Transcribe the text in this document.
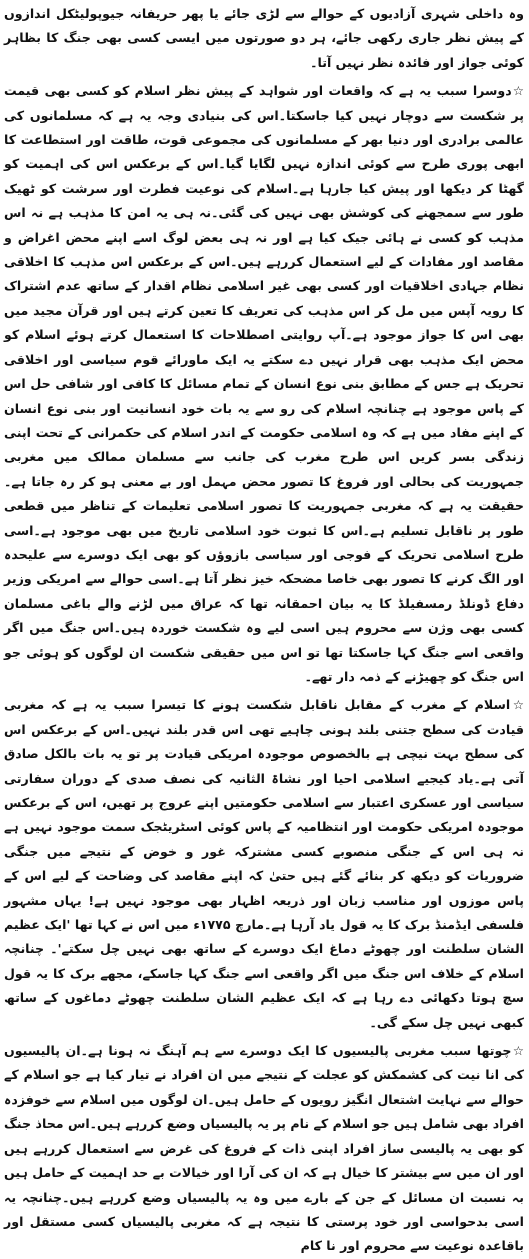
وہ داخلی شہری آزادیوں کے حوالے سے لڑی جائے یا پھر حریفانہ جیوپولیٹکل اندازوں کے پیش نظر جاری رکھی جائے، ہر دو صورتوں میں ایسی کسی بھی جنگ کا بظاہر کوئی جواز اور فائدہ نظر نہیں آتا۔

☆دوسرا سبب یہ ہے کہ واقعات اور شواہد کے پیش نظر اسلام کو کسی بھی قیمت پر شکست سے دوچار نہیں کیا جاسکتا۔اس کی بنیادی وجہ یہ ہے کہ مسلمانوں کی عالمی برادری اور دنیا بھر کے مسلمانوں کی مجموعی قوت، طاقت اور استطاعت کا ابھی پوری طرح سے کوئی اندازہ نہیں لگایا گیا۔اس کے برعکس اس کی اہمیت کو گھٹا کر دیکھا اور پیش کیا جارہا ہے۔اسلام کی نوعیت فطرت اور سرشت کو ٹھیک طور سے سمجھنے کی کوشش بھی نہیں کی گئی۔نہ ہی یہ امن کا مذہب ہے نہ اس مذہب کو کسی نے ہائی جیک کیا ہے اور نہ ہی بعض لوگ اسے اپنے محض اغراض و مقاصد اور مفادات کے لیے استعمال کررہے ہیں۔اس کے برعکس اس مذہب کا اخلاقی نظام جہادی اخلاقیات اور کسی بھی غیر اسلامی نظام اقدار کے ساتھ عدم اشتراک کا رویہ آپس میں مل کر اس مذہب کی تعریف کا تعین کرتے ہیں اور قرآن مجید میں بھی اس کا جواز موجود ہے۔آپ روایتی اصطلاحات کا استعمال کرتے ہوئے اسلام کو محض ایک مذہب بھی قرار نہیں دے سکتے یہ ایک ماورائے قوم سیاسی اور اخلاقی تحریک ہے جس کے مطابق بنی نوع انسان کے تمام مسائل کا کافی اور شافی حل اس کے پاس موجود ہے چنانچہ اسلام کی رو سے یہ بات خود انسانیت اور بنی نوع انسان کے اپنے مفاد میں ہے کہ وہ اسلامی حکومت کے اندر اسلام کی حکمرانی کے تحت اپنی زندگی بسر کریں اس طرح مغرب کی جانب سے مسلمان ممالک میں مغربی جمہوریت کی بحالی اور فروغ کا تصور محض مہمل اور بے معنی ہو کر رہ جاتا ہے۔حقیقت یہ ہے کہ مغربی جمہوریت کا تصور اسلامی تعلیمات کے تناظر میں قطعی طور پر ناقابل تسلیم ہے۔اس کا ثبوت خود اسلامی تاریخ میں بھی موجود ہے۔اسی طرح اسلامی تحریک کے فوجی اور سیاسی بازوؤں کو بھی ایک دوسرے سے علیحدہ اور الگ کرنے کا تصور بھی خاصا مضحکہ خیز نظر آتا ہے۔اسی حوالے سے امریکی وزیر دفاع ڈونلڈ رمسفیلڈ کا یہ بیان احمقانہ تھا کہ عراق میں لڑنے والے باغی مسلمان کسی بھی وژن سے محروم ہیں اسی لیے وہ شکست خوردہ ہیں۔اس جنگ میں اگر واقعی اسے جنگ کہا جاسکتا تھا تو اس میں حقیقی شکست ان لوگوں کو ہوئی جو اس جنگ کو چھیڑنے کے ذمہ دار تھے۔

☆اسلام کے مغرب کے مقابل ناقابل شکست ہونے کا تیسرا سبب یہ ہے کہ مغربی قیادت کی سطح جتنی بلند ہونی چاہیے تھی اس قدر بلند نہیں۔اس کے برعکس اس کی سطح بہت نیچی ہے بالخصوص موجودہ امریکی قیادت پر تو یہ بات بالکل صادق آتی ہے۔یاد کیجیے اسلامی احیا اور نشاۃ الثانیہ کی نصف صدی کے دوران سفارتی سیاسی اور عسکری اعتبار سے اسلامی حکومتیں اپنے عروج پر تھیں، اس کے برعکس موجودہ امریکی حکومت اور انتظامیہ کے پاس کوئی اسٹریٹجک سمت موجود نہیں ہے نہ ہی اس کے جنگی منصوبے کسی مشترکہ غور و خوض کے نتیجے میں جنگی ضروریات کو دیکھ کر بنائے گئے ہیں حتیٰ کہ اپنے مقاصد کی وضاحت کے لیے اس کے پاس موزوں اور مناسب زبان اور ذریعہ اظہار بھی موجود نہیں ہے! یہاں مشہور فلسفی ایڈمنڈ برک کا یہ قول یاد آرہا ہے۔مارچ ۱۷۷۵ء میں اس نے کہا تھا 'ایک عظیم الشان سلطنت اور چھوٹے دماغ ایک دوسرے کے ساتھ بھی نہیں چل سکتے'۔ چنانچہ اسلام کے خلاف اس جنگ میں اگر واقعی اسے جنگ کہا جاسکے، مجھے برک کا یہ قول سچ ہوتا دکھائی دے رہا ہے کہ ایک عظیم الشان سلطنت چھوٹے دماغوں کے ساتھ کبھی نہیں چل سکے گی۔

☆چوتھا سبب مغربی پالیسیوں کا ایک دوسرے سے ہم آہنگ نہ ہونا ہے۔ان پالیسیوں کی انا نیت کی کشمکش کو عجلت کے نتیجے میں ان افراد نے تیار کیا ہے جو اسلام کے حوالے سے نہایت اشتعال انگیز رویوں کے حامل ہیں۔ان لوگوں میں اسلام سے خوفزدہ افراد بھی شامل ہیں جو اسلام کے نام پر یہ پالیسیاں وضع کررہے ہیں۔اس محاذ جنگ کو بھی یہ پالیسی ساز افراد اپنی ذات کے فروغ کی غرض سے استعمال کررہے ہیں اور ان میں سے بیشتر کا خیال ہے کہ ان کی آرا اور خیالات بے حد اہمیت کے حامل ہیں بہ نسبت ان مسائل کے جن کے بارے میں وہ یہ پالیسیاں وضع کررہے ہیں۔چنانچہ یہ اسی بدحواسی اور خود پرستی کا نتیجہ ہے کہ مغربی پالیسیاں کسی مستقل اور باقاعدہ نوعیت سے محروم اور نا کام
